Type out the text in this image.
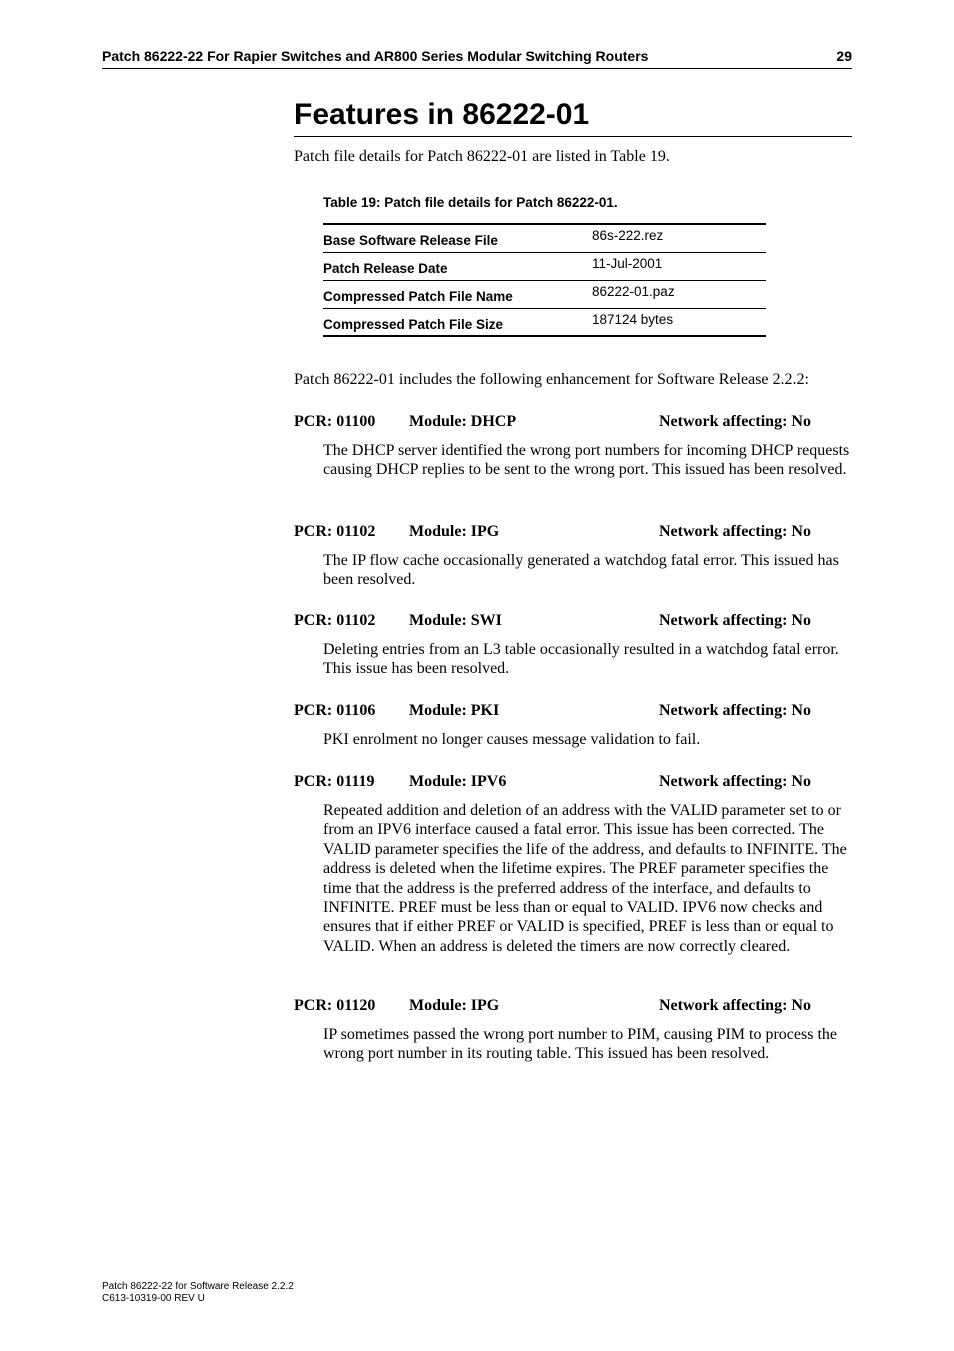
Patch 86222-22 For Rapier Switches and AR800 Series Modular Switching Routers	29
Features in 86222-01
Patch file details for Patch 86222-01 are listed in Table 19.
Table 19: Patch file details for Patch 86222-01.
Base Software Release File	86s-222.rez
Patch Release Date	11-Jul-2001
Compressed Patch File Name	86222-01.paz
Compressed Patch File Size	187124 bytes
Patch 86222-01 includes the following enhancement for Software Release 2.2.2:
PCR: 01100 Module: DHCP	Network affecting: No
The DHCP server identified the wrong port numbers for incoming DHCP requests causing DHCP replies to be sent to the wrong port. This issued has been resolved.
PCR: 01102 Module: IPG	Network affecting: No
The IP flow cache occasionally generated a watchdog fatal error. This issued has been resolved.
PCR: 01102 Module: SWI	Network affecting: No
Deleting entries from an L3 table occasionally resulted in a watchdog fatal error. This issue has been resolved.
PCR: 01106 Module: PKI	Network affecting: No
PKI enrolment no longer causes message validation to fail.
PCR: 01119 Module: IPV6	Network affecting: No
Repeated addition and deletion of an address with the VALID parameter set to or from an IPV6 interface caused a fatal error. This issue has been corrected. The VALID parameter specifies the life of the address, and defaults to INFINITE. The address is deleted when the lifetime expires. The PREF parameter specifies the time that the address is the preferred address of the interface, and defaults to INFINITE. PREF must be less than or equal to VALID. IPV6 now checks and ensures that if either PREF or VALID is specified, PREF is less than or equal to VALID. When an address is deleted the timers are now correctly cleared.
PCR: 01120 Module: IPG	Network affecting: No
IP sometimes passed the wrong port number to PIM, causing PIM to process the wrong port number in its routing table. This issued has been resolved.
Patch 86222-22 for Software Release 2.2.2
C613-10319-00 REV U
